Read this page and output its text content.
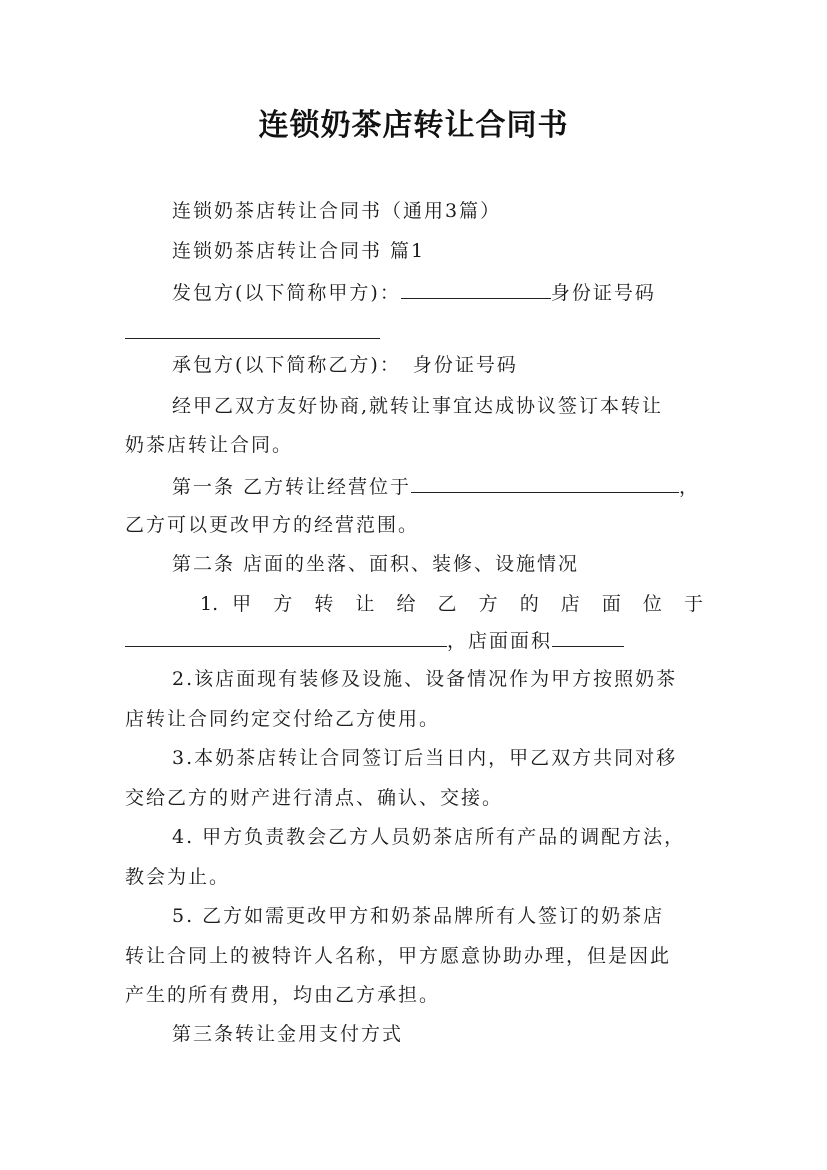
连锁奶茶店转让合同书
连锁奶茶店转让合同书（通用3篇）
连锁奶茶店转让合同书 篇1
发包方(以下简称甲方)：	身份证号码
承包方(以下简称乙方)： 身份证号码
经甲乙双方友好协商,就转让事宜达成协议签订本转让
奶茶店转让合同。
第一条 乙方转让经营位于	，
乙方可以更改甲方的经营范围。
第二条 店面的坐落、面积、装修、设施情况
1. 甲 方 转 让 给 乙 方 的 店 面 位 于
，店面面积
2.该店面现有装修及设施、设备情况作为甲方按照奶茶
店转让合同约定交付给乙方使用。
3.本奶茶店转让合同签订后当日内，甲乙双方共同对移
交给乙方的财产进行清点、确认、交接。
4. 甲方负责教会乙方人员奶茶店所有产品的调配方法，
教会为止。
5. 乙方如需更改甲方和奶茶品牌所有人签订的奶茶店
转让合同上的被特许人名称，甲方愿意协助办理，但是因此
产生的所有费用，均由乙方承担。
第三条转让金用支付方式
